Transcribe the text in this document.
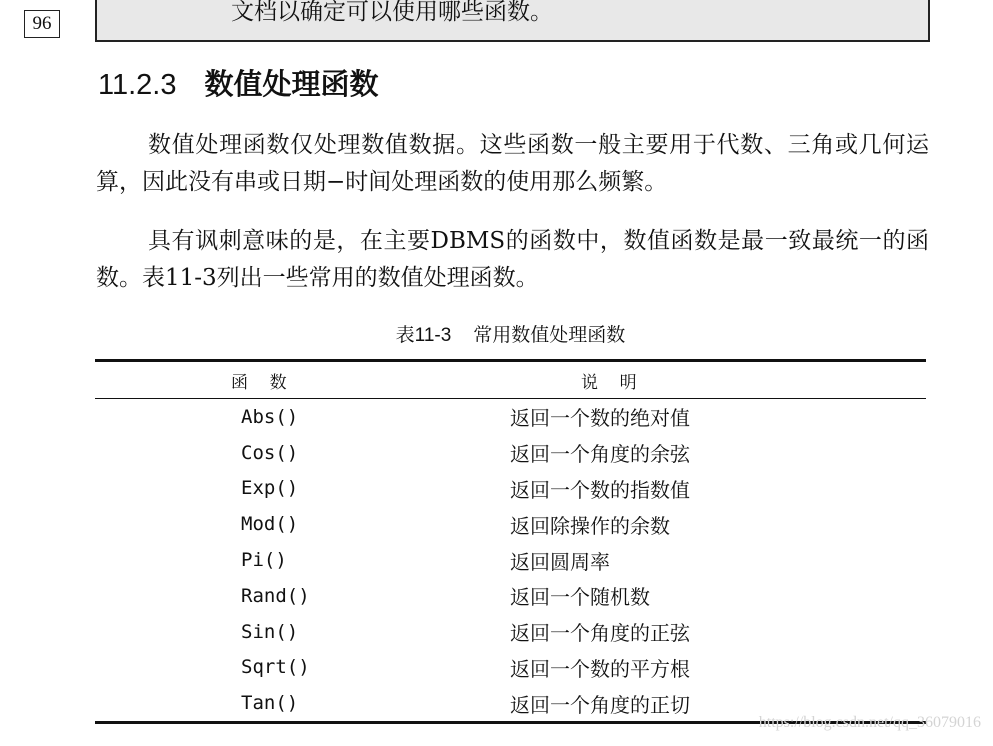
96	文档以确定可以使用哪些函数。
11.2.3 数值处理函数

数值处理函数仅处理数值数据。这些函数一般主要用于代数、三角或几何运算，因此没有串或日期−时间处理函数的使用那么频繁。

具有讽刺意味的是，在主要DBMS的函数中，数值函数是最一致最统一的函数。表11-3列出一些常用的数值处理函数。

表11-3 常用数值处理函数
函    数	说    明
Abs()	返回一个数的绝对值
Cos()	返回一个角度的余弦
Exp()	返回一个数的指数值
Mod()	返回除操作的余数
Pi()	返回圆周率
Rand()	返回一个随机数
Sin()	返回一个角度的正弦
Sqrt()	返回一个数的平方根
Tan()	返回一个角度的正切
https://blog.csdn.net/qq_36079016
